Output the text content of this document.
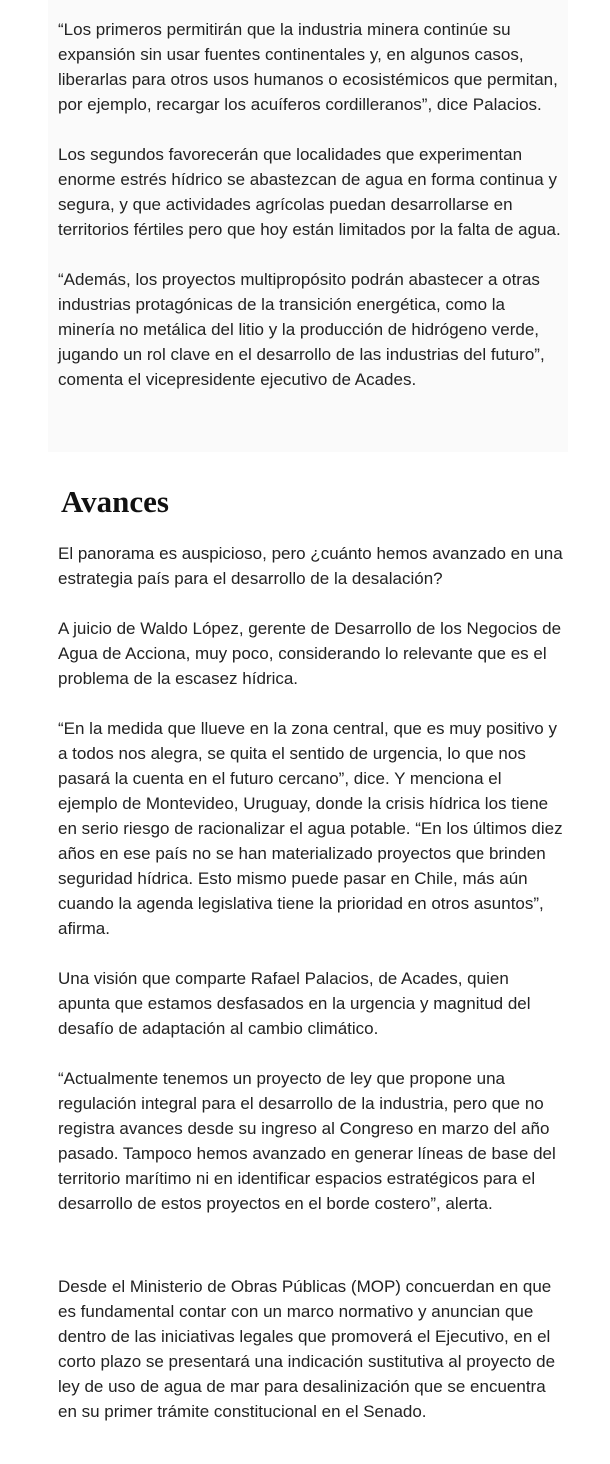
“Los primeros permitirán que la industria minera continúe su expansión sin usar fuentes continentales y, en algunos casos, liberarlas para otros usos humanos o ecosistémicos que permitan, por ejemplo, recargar los acuíferos cordilleranos”, dice Palacios.

Los segundos favorecerán que localidades que experimentan enorme estrés hídrico se abastezcan de agua en forma continua y segura, y que actividades agrícolas puedan desarrollarse en territorios fértiles pero que hoy están limitados por la falta de agua.

“Además, los proyectos multipropósito podrán abastecer a otras industrias protagónicas de la transición energética, como la minería no metálica del litio y la producción de hidrógeno verde, jugando un rol clave en el desarrollo de las industrias del futuro”, comenta el vicepresidente ejecutivo de Acades.

Avances

El panorama es auspicioso, pero ¿cuánto hemos avanzado en una estrategia país para el desarrollo de la desalación?

A juicio de Waldo López, gerente de Desarrollo de los Negocios de Agua de Acciona, muy poco, considerando lo relevante que es el problema de la escasez hídrica.

“En la medida que llueve en la zona central, que es muy positivo y a todos nos alegra, se quita el sentido de urgencia, lo que nos pasará la cuenta en el futuro cercano”, dice. Y menciona el ejemplo de Montevideo, Uruguay, donde la crisis hídrica los tiene en serio riesgo de racionalizar el agua potable. “En los últimos diez años en ese país no se han materializado proyectos que brinden seguridad hídrica. Esto mismo puede pasar en Chile, más aún cuando la agenda legislativa tiene la prioridad en otros asuntos”, afirma.

Una visión que comparte Rafael Palacios, de Acades, quien apunta que estamos desfasados en la urgencia y magnitud del desafío de adaptación al cambio climático.

“Actualmente tenemos un proyecto de ley que propone una regulación integral para el desarrollo de la industria, pero que no registra avances desde su ingreso al Congreso en marzo del año pasado. Tampoco hemos avanzado en generar líneas de base del territorio marítimo ni en identificar espacios estratégicos para el desarrollo de estos proyectos en el borde costero”, alerta.

Desde el Ministerio de Obras Públicas (MOP) concuerdan en que es fundamental contar con un marco normativo y anuncian que dentro de las iniciativas legales que promoverá el Ejecutivo, en el corto plazo se presentará una indicación sustitutiva al proyecto de ley de uso de agua de mar para desalinización que se encuentra en su primer trámite constitucional en el Senado.
